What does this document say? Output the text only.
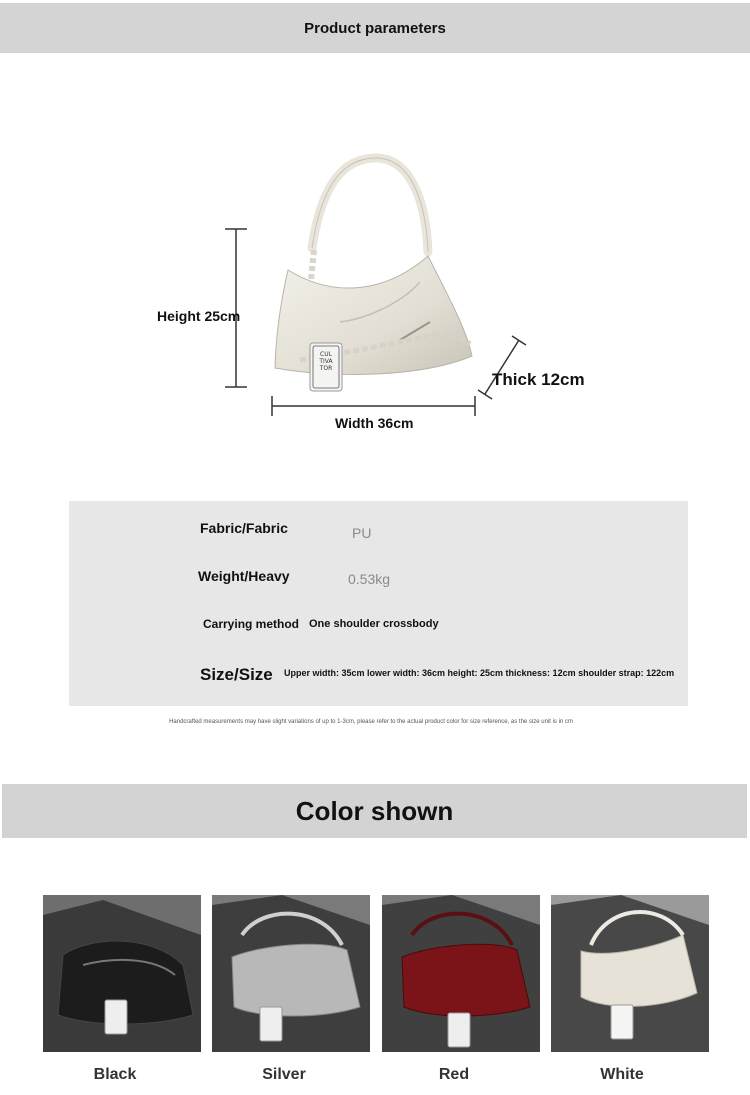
Product parameters
CUL
TIVA
TOR
Height 25cm
Thick 12cm
Width 36cm
Fabric/Fabric	PU
Weight/Heavy	0.53kg
Carrying method One shoulder crossbody
Size/Size Upper width: 35cm lower width: 36cm height: 25cm thickness: 12cm shoulder strap: 122cm
Handcrafted measurements may have slight variations of up to 1-3cm, please refer to the actual product color for size reference, as the size unit is in cm
Color shown
Black	Silver	Red	White
